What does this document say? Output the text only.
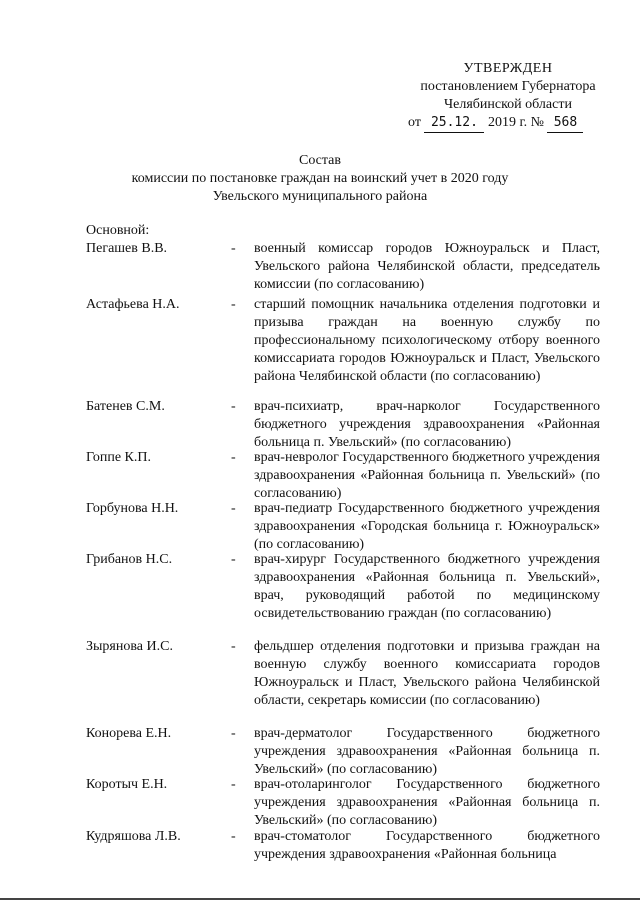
УТВЕРЖДЕН
постановлением Губернатора
Челябинской области
от 25.12. 2019 г. № 568
Состав
комиссии по постановке граждан на воинский учет в 2020 году
Увельского муниципального района
Основной:
Пегашев В.В.	- военный комиссар городов Южноуральск и Пласт, Увельского района Челябинской области, председатель комиссии (по согласованию)
Астафьева Н.А.	- старший помощник начальника отделения подготовки и призыва граждан на военную службу по профессиональному психологическому отбору военного комиссариата городов Южноуральск и Пласт, Увельского района Челябинской области (по согласованию)
Батенев С.М.	- врач-психиатр, врач-нарколог Государственного бюджетного учреждения здравоохранения «Районная больница п. Увельский» (по согласованию)
Гоппе К.П.	- врач-невролог Государственного бюджетного учреждения здравоохранения «Районная больница п. Увельский» (по согласованию)
Горбунова Н.Н.	- врач-педиатр Государственного бюджетного учреждения здравоохранения «Городская больница г. Южноуральск» (по согласованию)
Грибанов Н.С.	- врач-хирург Государственного бюджетного учреждения здравоохранения «Районная больница п. Увельский», врач, руководящий работой по медицинскому освидетельствованию граждан (по согласованию)
Зырянова И.С.	- фельдшер отделения подготовки и призыва граждан на военную службу военного комиссариата городов Южноуральск и Пласт, Увельского района Челябинской области, секретарь комиссии (по согласованию)
Конорева Е.Н.	- врач-дерматолог Государственного бюджетного учреждения здравоохранения «Районная больница п. Увельский» (по согласованию)
Коротыч Е.Н.	- врач-отоларинголог Государственного бюджетного учреждения здравоохранения «Районная больница п. Увельский» (по согласованию)
Кудряшова Л.В.	- врач-стоматолог Государственного бюджетного учреждения здравоохранения «Районная больница
